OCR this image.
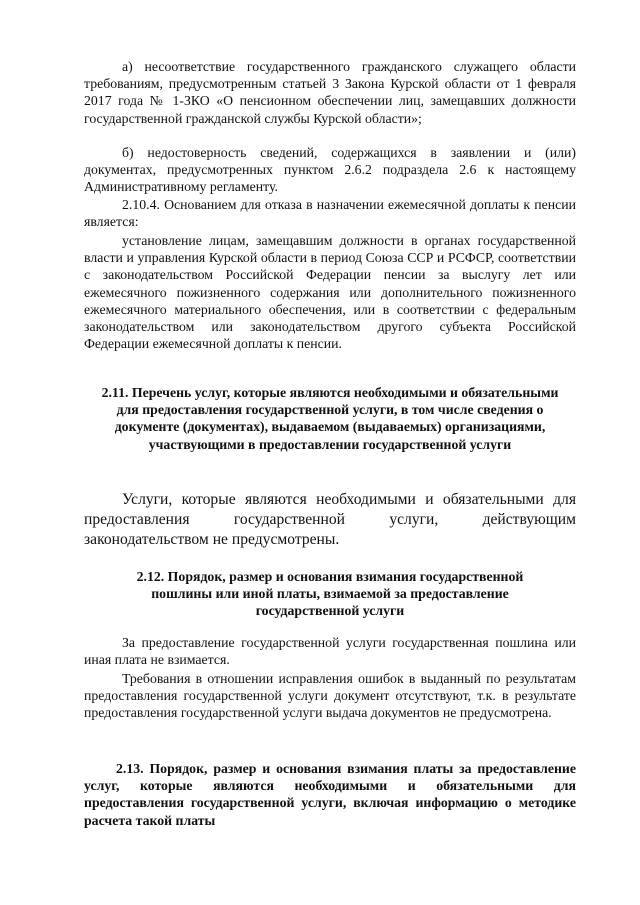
а) несоответствие государственного гражданского служащего области требованиям, предусмотренным статьей 3 Закона Курской области от 1 февраля 2017 года № 1-ЗКО «О пенсионном обеспечении лиц, замещавших должности государственной гражданской службы Курской области»;

б) недостоверность сведений, содержащихся в заявлении и (или) документах, предусмотренных пунктом 2.6.2 подраздела 2.6 к настоящему Административному регламенту.

2.10.4. Основанием для отказа в назначении ежемесячной доплаты к пенсии является:

установление лицам, замещавшим должности в органах государственной власти и управления Курской области в период Союза ССР и РСФСР, соответствии с законодательством Российской Федерации пенсии за выслугу лет или ежемесячного пожизненного содержания или дополнительного пожизненного ежемесячного материального обеспечения, или в соответствии с федеральным законодательством или законодательством другого субъекта Российской Федерации ежемесячной доплаты к пенсии.

2.11. Перечень услуг, которые являются необходимыми и обязательными для предоставления государственной услуги, в том числе сведения о документе (документах), выдаваемом (выдаваемых) организациями, участвующими в предоставлении государственной услуги

Услуги, которые являются необходимыми и обязательными для предоставления государственной услуги, действующим законодательством не предусмотрены.

2.12. Порядок, размер и основания взимания государственной пошлины или иной платы, взимаемой за предоставление государственной услуги

За предоставление государственной услуги государственная пошлина или иная плата не взимается.

Требования в отношении исправления ошибок в выданный по результатам предоставления государственной услуги документ отсутствуют, т.к. в результате предоставления государственной услуги выдача документов не предусмотрена.

2.13. Порядок, размер и основания взимания платы за предоставление услуг, которые являются необходимыми и обязательными для предоставления государственной услуги, включая информацию о методике расчета такой платы
